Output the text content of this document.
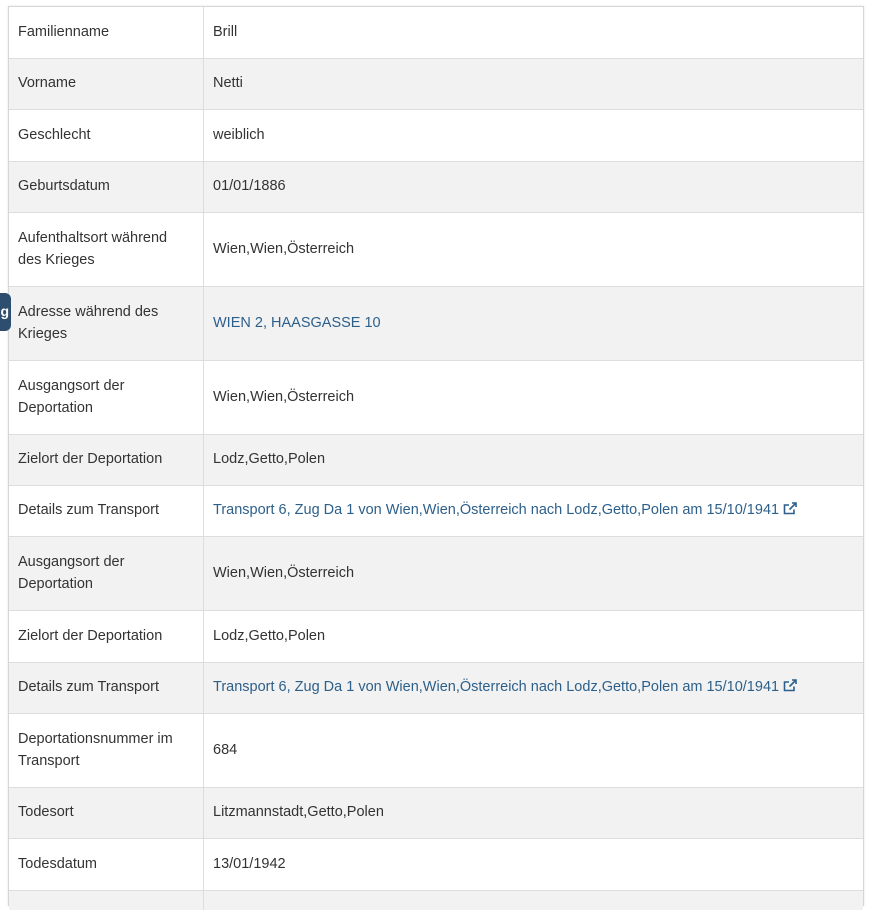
g
Familienname	Brill
Vorname	Netti
Geschlecht	weiblich
Geburtsdatum	01/01/1886
Aufenthaltsort während des Krieges	Wien,Wien,Österreich
Adresse während des Krieges	WIEN 2, HAASGASSE 10
Ausgangsort der Deportation	Wien,Wien,Österreich
Zielort der Deportation	Lodz,Getto,Polen
Details zum Transport	Transport 6, Zug Da 1 von Wien,Wien,Österreich nach Lodz,Getto,Polen am 15/10/1941
Ausgangsort der Deportation	Wien,Wien,Österreich
Zielort der Deportation	Lodz,Getto,Polen
Details zum Transport	Transport 6, Zug Da 1 von Wien,Wien,Österreich nach Lodz,Getto,Polen am 15/10/1941
Deportationsnummer im Transport	684
Todesort	Litzmannstadt,Getto,Polen
Todesdatum	13/01/1942
